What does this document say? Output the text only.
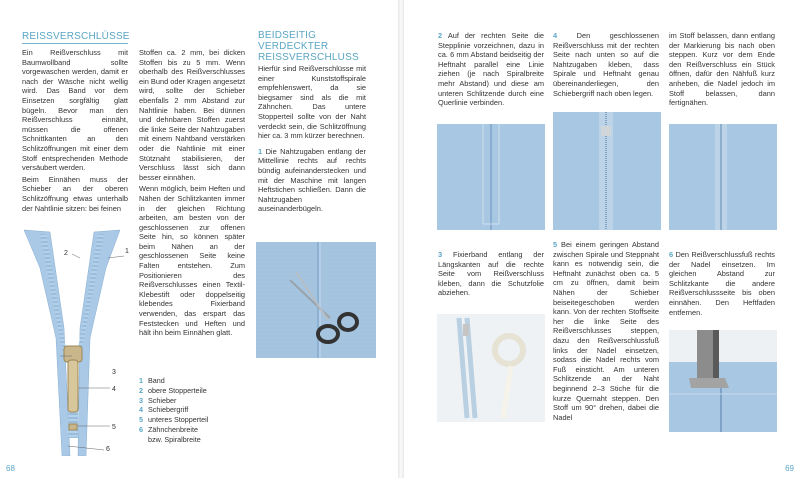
REISSVERSCHLÜSSE

Ein Reißverschluss mit Baumwollband sollte vorgewaschen werden, damit er nach der Wäsche nicht wellig wird. Das Band vor dem Einsetzen sorgfältig glatt bügeln. Bevor man den Reißverschluss einnäht, müssen die offenen Schnittkanten an den Schlitzöffnungen mit einer dem Stoff entsprechenden Methode versäubert werden.

Beim Einnähen muss der Schieber an der oberen Schlitzöffnung etwas unterhalb der Nahtlinie sitzen: bei feinen

2	1
3
4
5
6

Stoffen ca. 2 mm, bei dicken Stoffen bis zu 5 mm. Wenn oberhalb des Reißverschlusses ein Bund oder Kragen angesetzt wird, sollte der Schieber ebenfalls 2 mm Abstand zur Nahtlinie haben. Bei dünnen und dehnbaren Stoffen zuerst die linke Seite der Nahtzugaben mit einem Nahtband verstärken oder die Nahtlinie mit einer Stütznaht stabilisieren, der Verschluss lässt sich dann besser einnähen.

Wenn möglich, beim Heften und Nähen der Schlitzkanten immer in der gleichen Richtung arbeiten, am besten von der geschlossenen zur offenen Seite hin, so können später beim Nähen an der geschlossenen Seite keine Falten entstehen. Zum Positionieren des Reißverschlusses einen Textil-Klebestift oder doppelseitig klebendes Fixierband verwenden, das erspart das Feststecken und Heften und hält ihn beim Einnähen glatt.

1 Band
2 obere Stopperteile
3 Schieber
4 Schiebergriff
5 unteres Stopperteil
6 Zähnchenbreite
bzw. Spiralbreite
BEIDSEITIG VERDECKTER REISSVERSCHLUSS

Hierfür sind Reißverschlüsse mit einer Kunststoffspirale empfehlenswert, da sie biegsamer sind als die mit Zähnchen. Das untere Stopperteil sollte von der Naht verdeckt sein, die Schlitzöffnung hier ca. 3 mm kürzer berechnen.

1 Die Nahtzugaben entlang der Mittellinie rechts auf rechts bündig aufeinanderstecken und mit der Maschine mit langen Heftstichen schließen. Dann die Nahtzugaben auseinanderbügeln.

68

2 Auf der rechten Seite die Stepplinie vorzeichnen, dazu in ca. 6 mm Abstand beidseitig der Heftnaht parallel eine Linie ziehen (je nach Spiralbreite mehr Abstand) und diese am unteren Schlitzende durch eine Querlinie verbinden.

3 Fixierband entlang der Längskanten auf die rechte Seite vom Reißverschluss kleben, dann die Schutzfolie abziehen.

4	Den geschlossenen Reißverschluss mit der rechten Seite nach unten so auf die Nahtzugaben kleben, dass Spirale und Heftnaht genau übereinanderliegen, den Schiebergriff nach oben legen.

5 Bei einem geringen Abstand zwischen Spirale und Steppnaht kann es notwendig sein, die Heftnaht zunächst oben ca. 5 cm zu öffnen, damit beim Nähen der Schieber beiseitegeschoben werden kann. Von der rechten Stoffseite her die linke Seite des Reißverschlusses steppen, dazu den Reißverschlussfuß links der Nadel einsetzen, sodass die Nadel rechts vom Fuß einsticht. Am unteren Schlitzende an der Naht beginnend 2–3 Stiche für die kurze Quernaht steppen. Den Stoff um 90° drehen, dabei die Nadel

im Stoff belassen, dann entlang der Markierung bis nach oben steppen. Kurz vor dem Ende den Reißverschluss ein Stück öffnen, dafür den Nähfuß kurz anheben, die Nadel jedoch im Stoff belassen, dann fertignähen.

6 Den Reißverschlussfuß rechts der Nadel einsetzen. Im gleichen Abstand zur Schlitzkante die andere Reißverschlussseite bis oben einnähen. Den Heftfaden entfernen.

69
